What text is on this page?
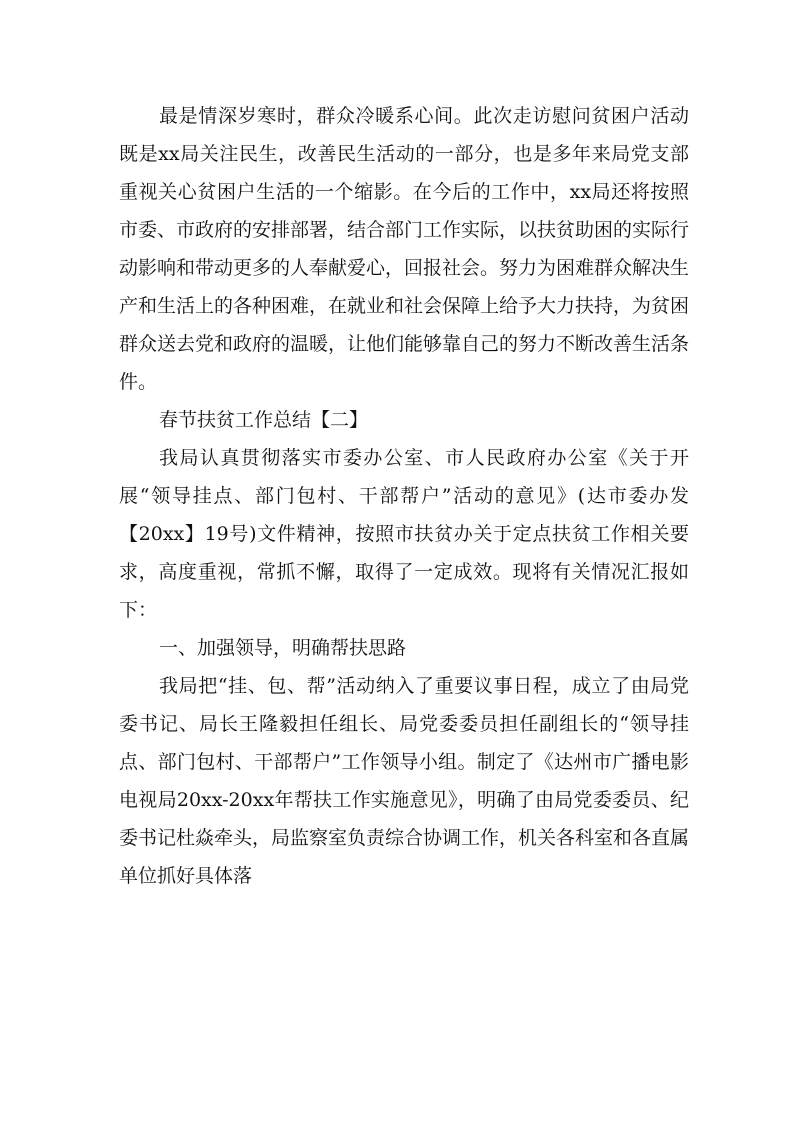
最是情深岁寒时，群众冷暖系心间。此次走访慰问贫困户活动既是xx局关注民生，改善民生活动的一部分，也是多年来局党支部重视关心贫困户生活的一个缩影。在今后的工作中，xx局还将按照市委、市政府的安排部署，结合部门工作实际，以扶贫助困的实际行动影响和带动更多的人奉献爱心，回报社会。努力为困难群众解决生产和生活上的各种困难，在就业和社会保障上给予大力扶持，为贫困群众送去党和政府的温暖，让他们能够靠自己的努力不断改善生活条件。

春节扶贫工作总结【二】

我局认真贯彻落实市委办公室、市人民政府办公室《关于开展“领导挂点、部门包村、干部帮户”活动的意见》(达市委办发【20xx】19号)文件精神，按照市扶贫办关于定点扶贫工作相关要求，高度重视，常抓不懈，取得了一定成效。现将有关情况汇报如下：

一、加强领导，明确帮扶思路

我局把“挂、包、帮”活动纳入了重要议事日程，成立了由局党委书记、局长王隆毅担任组长、局党委委员担任副组长的“领导挂点、部门包村、干部帮户”工作领导小组。制定了《达州市广播电影电视局20xx-20xx年帮扶工作实施意见》，明确了由局党委委员、纪委书记杜焱牵头，局监察室负责综合协调工作，机关各科室和各直属单位抓好具体落
